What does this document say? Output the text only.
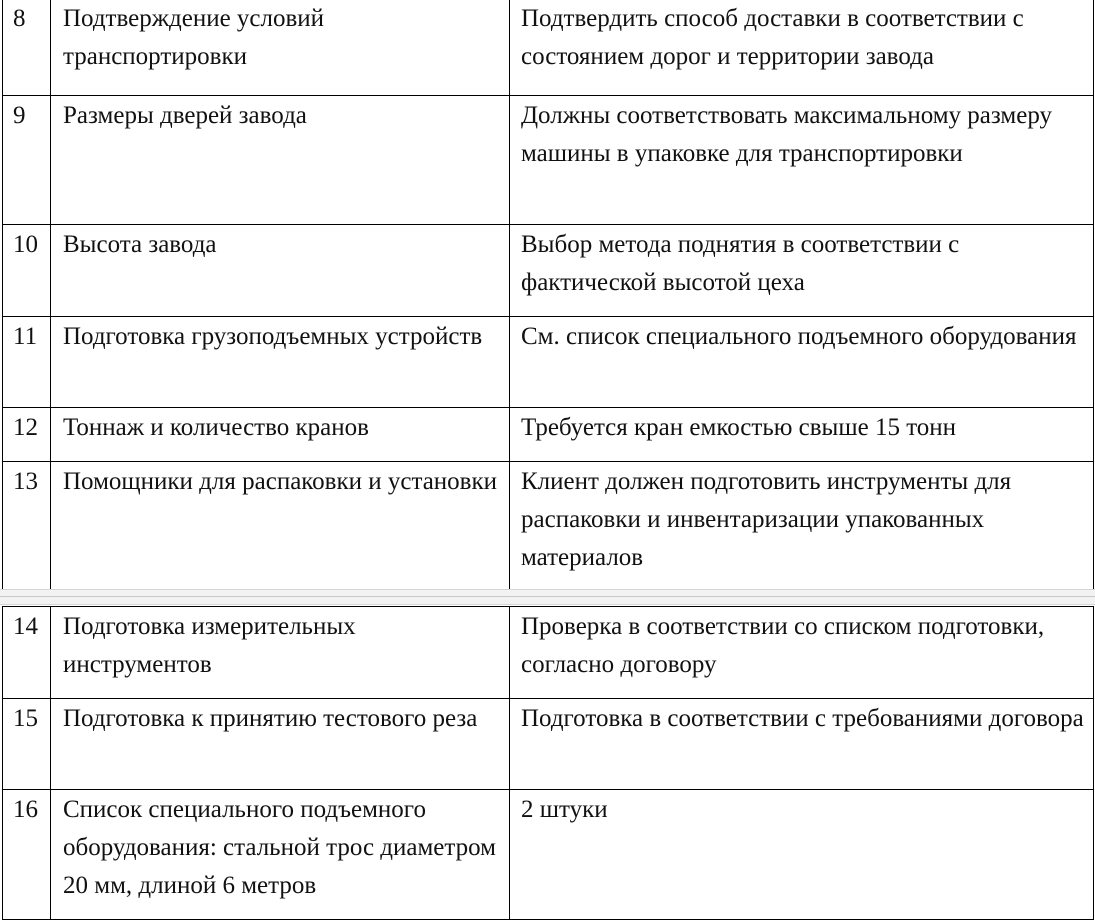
8	Подтверждение условий транспортировки	Подтвердить способ доставки в соответствии с состоянием дорог и территории завода

9	Размеры дверей завода	Должны соответствовать максимальному размеру машины в упаковке для транспортировки

10	Высота завода	Выбор метода поднятия в соответствии с фактической высотой цеха

11	Подготовка грузоподъемных устройств	См. список специального подъемного оборудования

12	Тоннаж и количество кранов	Требуется кран емкостью свыше 15 тонн

13	Помощники для распаковки и установки	Клиент должен подготовить инструменты для распаковки и инвентаризации упакованных материалов
14	Подготовка измерительных инструментов	Проверка в соответствии со списком подготовки, согласно договору

15	Подготовка к принятию тестового реза	Подготовка в соответствии с требованиями договора

16	Список специального подъемного оборудования: стальной трос диаметром 20 мм, длиной 6 метров	2 штуки
